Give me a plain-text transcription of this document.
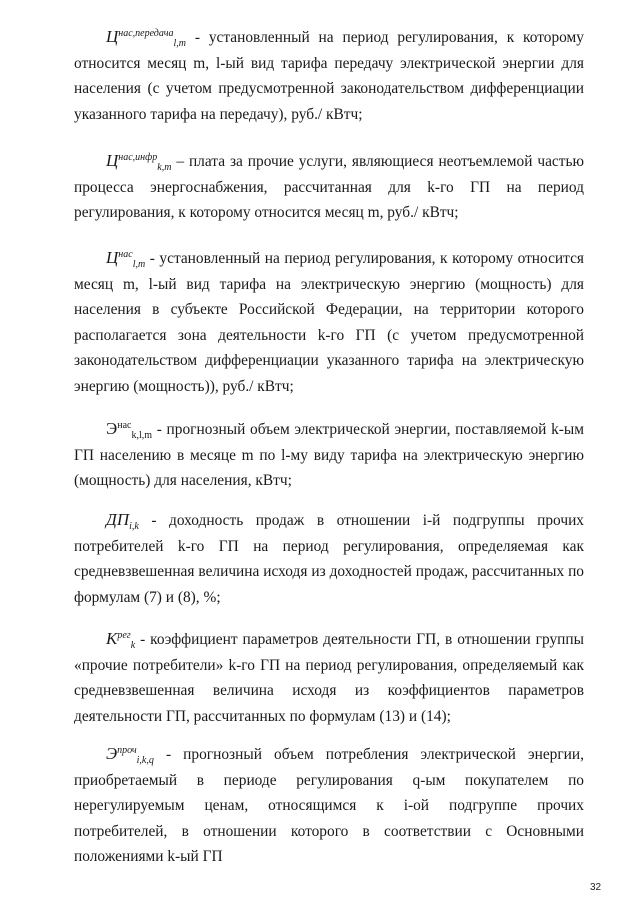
$Ц^{нас,передача}_{l,m}$ - установленный на период регулирования, к которому относится месяц m, l-ый вид тарифа передачу электрической энергии для населения (с учетом предусмотренной законодательством дифференциации указанного тарифа на передачу), руб./ кВтч;

$Ц^{нас,инфр}_{k,m}$ – плата за прочие услуги, являющиеся неотъемлемой частью процесса энергоснабжения, рассчитанная для k-го ГП на период регулирования, к которому относится месяц m, руб./ кВтч;

$Ц^{нас}_{l,m}$ - установленный на период регулирования, к которому относится месяц m, l-ый вид тарифа на электрическую энергию (мощность) для населения в субъекте Российской Федерации, на территории которого располагается зона деятельности k-го ГП (с учетом предусмотренной законодательством дифференциации указанного тарифа на электрическую энергию (мощность)), руб./ кВтч;

$Э^{нас}_{k,l,m}$ - прогнозный объем электрической энергии, поставляемой k-ым ГП населению в месяце m по l-му виду тарифа на электрическую энергию (мощность) для населения, кВтч;

$ДП_{i,k}$ - доходность продаж в отношении i-й подгруппы прочих потребителей k-го ГП на период регулирования, определяемая как средневзвешенная величина исходя из доходностей продаж, рассчитанных по формулам (7) и (8), %;

$K^{рег}_k$ - коэффициент параметров деятельности ГП, в отношении группы «прочие потребители» k-го ГП на период регулирования, определяемый как средневзвешенная величина исходя из коэффициентов параметров деятельности ГП, рассчитанных по формулам (13) и (14);

$Э^{проч}_{i,k,q}$ - прогнозный объем потребления электрической энергии, приобретаемый в периоде регулирования q-ым покупателем по нерегулируемым ценам, относящимся к i-ой подгруппе прочих потребителей, в отношении которого в соответствии с Основными положениями k-ый ГП

32
